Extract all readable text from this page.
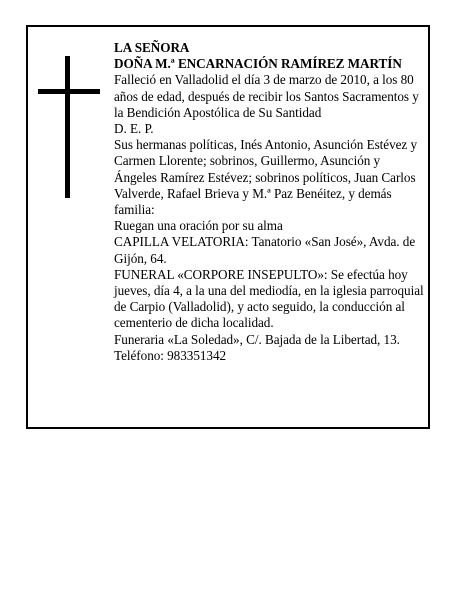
LA SEÑORA

DOÑA M.ª ENCARNACIÓN RAMÍREZ MARTÍN

Falleció en Valladolid el día 3 de marzo de 2010, a los 80 años de edad, después de recibir los Santos Sacramentos y la Bendición Apostólica de Su Santidad

D. E. P.

Sus hermanas políticas, Inés Antonio, Asunción Estévez y Carmen Llorente; sobrinos, Guillermo, Asunción y Ángeles Ramírez Estévez; sobrinos políticos, Juan Carlos Valverde, Rafael Brieva y M.ª Paz Benéitez, y demás familia:

Ruegan una oración por su alma

CAPILLA VELATORIA: Tanatorio «San José», Avda. de Gijón, 64.

FUNERAL «CORPORE INSEPULTO»: Se efectúa hoy jueves, día 4, a la una del mediodía, en la iglesia parroquial de Carpio (Valladolid), y acto seguido, la conducción al cementerio de dicha localidad.

Funeraria «La Soledad», C/. Bajada de la Libertad, 13.

Teléfono: 983351342
